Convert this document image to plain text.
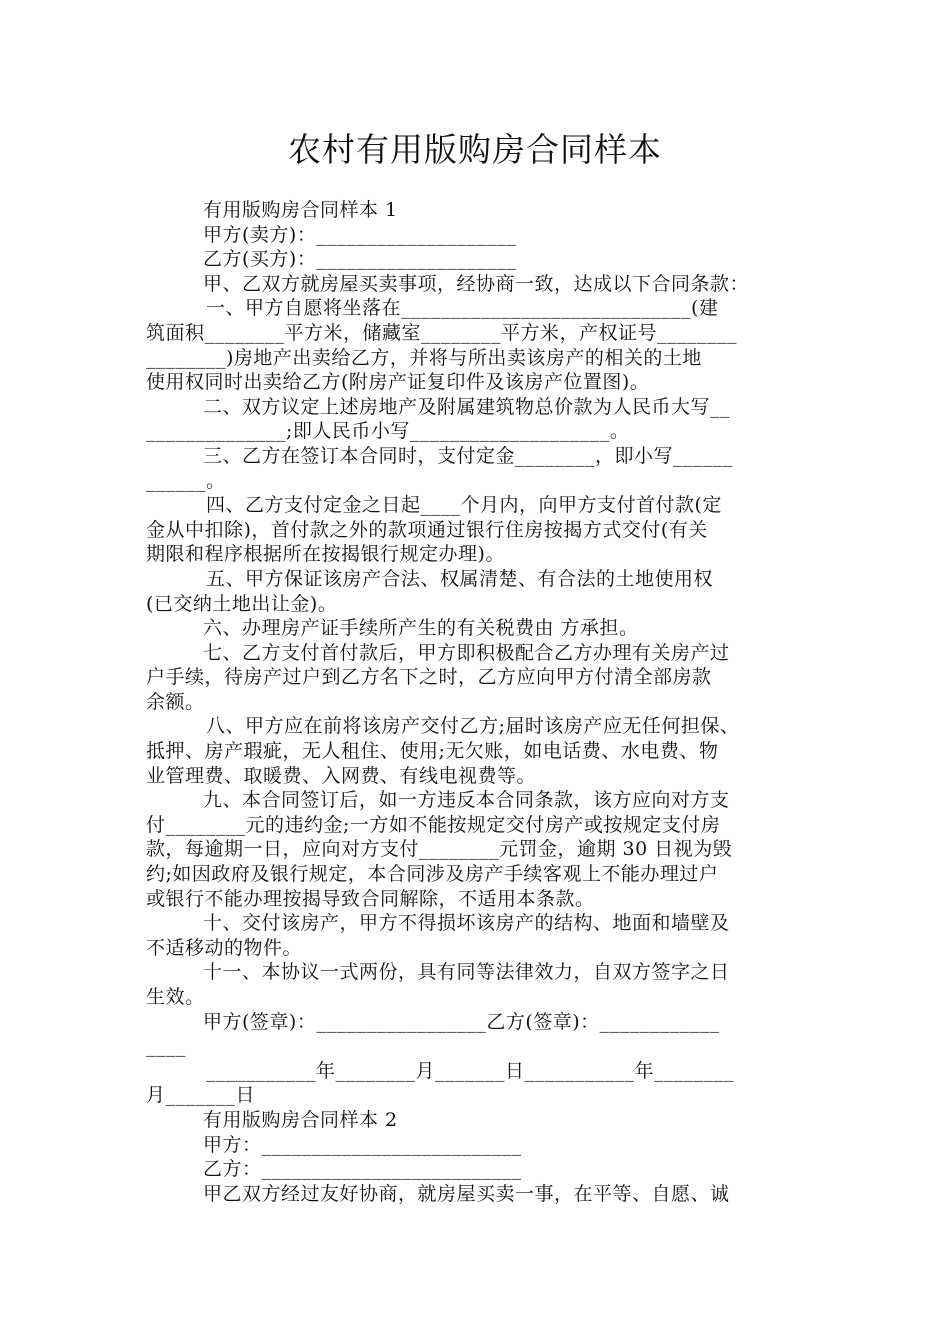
农村有用版购房合同样本
有用版购房合同样本 1
甲方(卖方)：____________________
乙方(买方)：____________________
甲、乙双方就房屋买卖事项，经协商一致，达成以下合同条款：
一、甲方自愿将坐落在_____________________________(建
筑面积________平方米，储藏室________平方米，产权证号________
________)房地产出卖给乙方，并将与所出卖该房产的相关的土地
使用权同时出卖给乙方(附房产证复印件及该房产位置图)。
二、双方议定上述房地产及附属建筑物总价款为人民币大写__
______________;即人民币小写____________________。
三、乙方在签订本合同时，支付定金________，即小写______
______。
四、乙方支付定金之日起____个月内，向甲方支付首付款(定
金从中扣除)，首付款之外的款项通过银行住房按揭方式交付(有关
期限和程序根据所在按揭银行规定办理)。
五、甲方保证该房产合法、权属清楚、有合法的土地使用权
(已交纳土地出让金)。
六、办理房产证手续所产生的有关税费由 方承担。
七、乙方支付首付款后，甲方即积极配合乙方办理有关房产过
户手续，待房产过户到乙方名下之时，乙方应向甲方付清全部房款
余额。
八、甲方应在前将该房产交付乙方;届时该房产应无任何担保、
抵押、房产瑕疵，无人租住、使用;无欠账，如电话费、水电费、物
业管理费、取暖费、入网费、有线电视费等。
九、本合同签订后，如一方违反本合同条款，该方应向对方支
付________元的违约金;一方如不能按规定交付房产或按规定支付房
款，每逾期一日，应向对方支付________元罚金，逾期 30 日视为毁
约;如因政府及银行规定，本合同涉及房产手续客观上不能办理过户
或银行不能办理按揭导致合同解除，不适用本条款。
十、交付该房产，甲方不得损坏该房产的结构、地面和墙壁及
不适移动的物件。
十一、本协议一式两份，具有同等法律效力，自双方签字之日
生效。
甲方(签章)：_________________乙方(签章)：____________
____
___________年________月_______日___________年________
月_______日
有用版购房合同样本 2
甲方：__________________________
乙方：__________________________
甲乙双方经过友好协商，就房屋买卖一事，在平等、自愿、诚
